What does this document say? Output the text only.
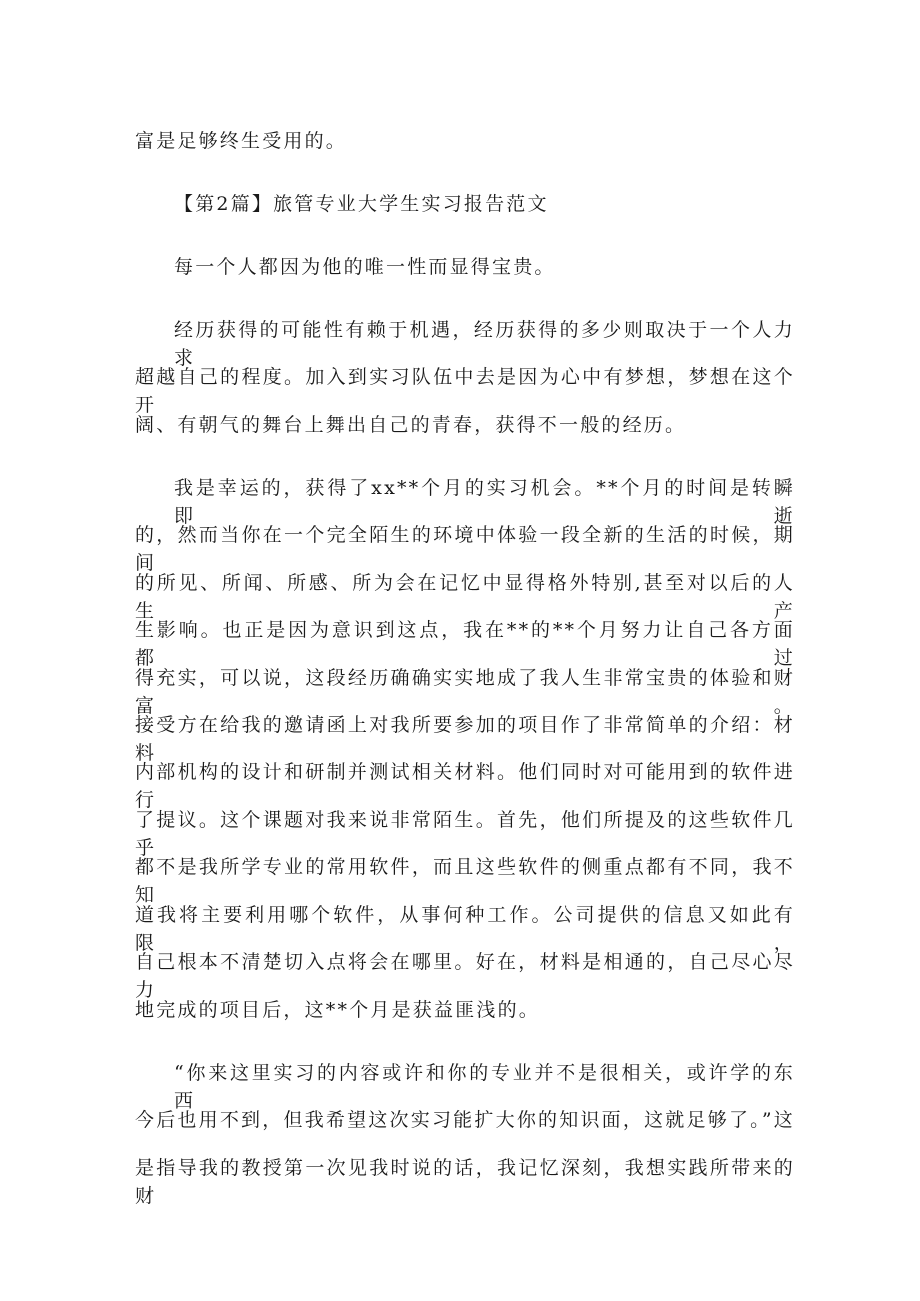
富是足够终生受用的。
【第2篇】旅管专业大学生实习报告范文
每一个人都因为他的唯一性而显得宝贵。
经历获得的可能性有赖于机遇，经历获得的多少则取决于一个人力求
超越自己的程度。加入到实习队伍中去是因为心中有梦想，梦想在这个开
阔、有朝气的舞台上舞出自己的青春，获得不一般的经历。
我是幸运的，获得了xx**个月的实习机会。**个月的时间是转瞬即逝
的，然而当你在一个完全陌生的环境中体验一段全新的生活的时候，期间
的所见、所闻、所感、所为会在记忆中显得格外特别,甚至对以后的人生产
生影响。也正是因为意识到这点，我在**的**个月努力让自己各方面都过
得充实，可以说，这段经历确确实实地成了我人生非常宝贵的体验和财富。
接受方在给我的邀请函上对我所要参加的项目作了非常简单的介绍：材料
内部机构的设计和研制并测试相关材料。他们同时对可能用到的软件进行
了提议。这个课题对我来说非常陌生。首先，他们所提及的这些软件几乎
都不是我所学专业的常用软件，而且这些软件的侧重点都有不同，我不知
道我将主要利用哪个软件，从事何种工作。公司提供的信息又如此有限，
自己根本不清楚切入点将会在哪里。好在，材料是相通的，自己尽心尽力
地完成的项目后，这**个月是获益匪浅的。
“你来这里实习的内容或许和你的专业并不是很相关，或许学的东西
今后也用不到，但我希望这次实习能扩大你的知识面，这就足够了。”这
是指导我的教授第一次见我时说的话，我记忆深刻，我想实践所带来的财
